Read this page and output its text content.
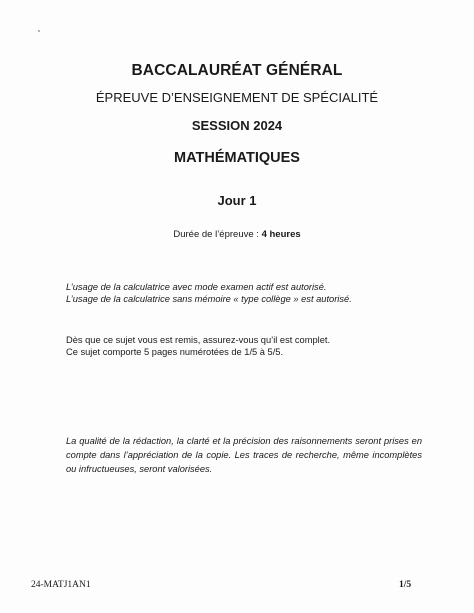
BACCALAURÉAT GÉNÉRAL
ÉPREUVE D’ENSEIGNEMENT DE SPÉCIALITÉ
SESSION 2024
MATHÉMATIQUES
Jour 1
Durée de l’épreuve : 4 heures
L’usage de la calculatrice avec mode examen actif est autorisé.
L’usage de la calculatrice sans mémoire « type collège » est autorisé.
Dès que ce sujet vous est remis, assurez-vous qu’il est complet.
Ce sujet comporte 5 pages numérotées de 1/5 à 5/5.
La qualité de la rédaction, la clarté et la précision des raisonnements seront prises en compte dans l’appréciation de la copie. Les traces de recherche, même incomplètes ou infructueuses, seront valorisées.
24-MATJ1AN1	1/5
